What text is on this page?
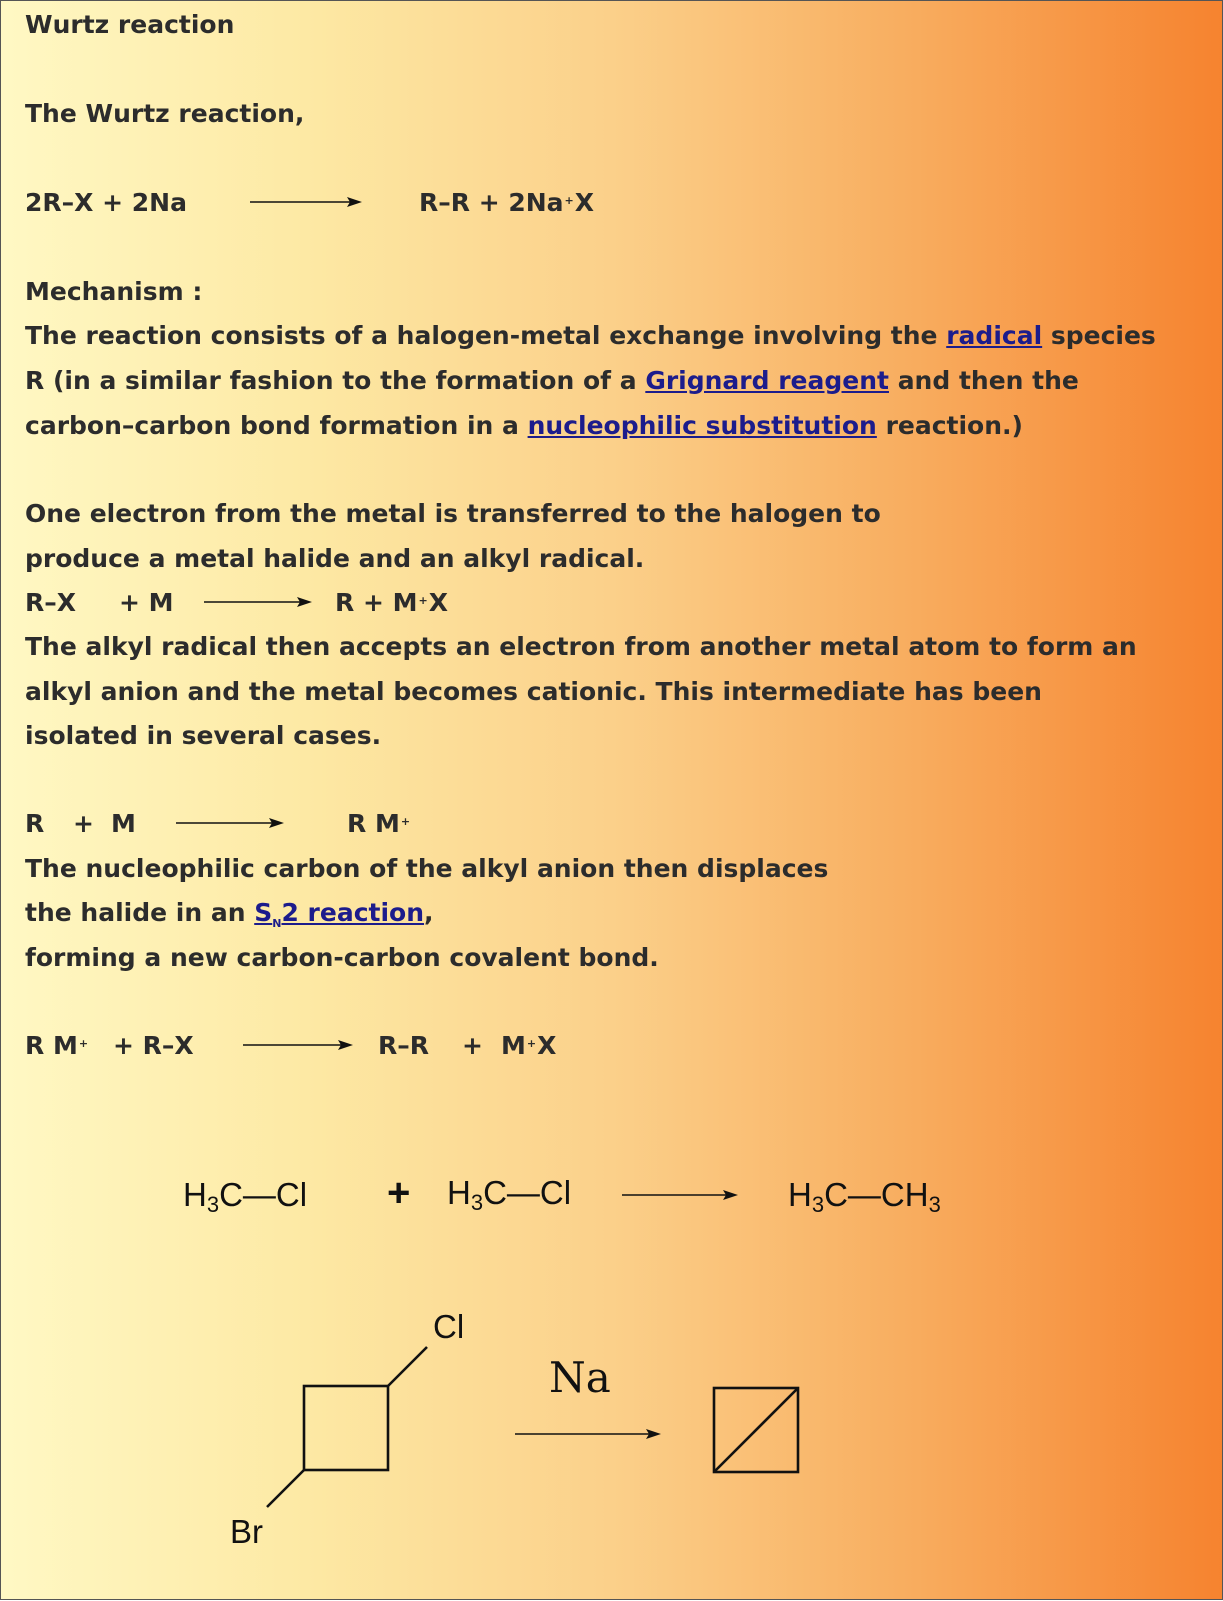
Wurtz reaction
The Wurtz reaction,
2R–X + 2Na	R–R + 2Na+X
Mechanism :
The reaction consists of a halogen-metal exchange involving the radical species
R (in a similar fashion to the formation of a Grignard reagent and then the
carbon–carbon bond formation in a nucleophilic substitution reaction.)
One electron from the metal is transferred to the halogen to
produce a metal halide and an alkyl radical.
R–X + M	R + M+X
The alkyl radical then accepts an electron from another metal atom to form an
alkyl anion and the metal becomes cationic. This intermediate has been
isolated in several cases.
R + M	R M+
The nucleophilic carbon of the alkyl anion then displaces
the halide in an $S_N2$ reaction,
forming a new carbon-carbon covalent bond.
R M+ + R–X	R–R + M+X
$H_3C—Cl$ + $H_3C—Cl$	$H_3C—CH_3$
Cl
Br
Na
